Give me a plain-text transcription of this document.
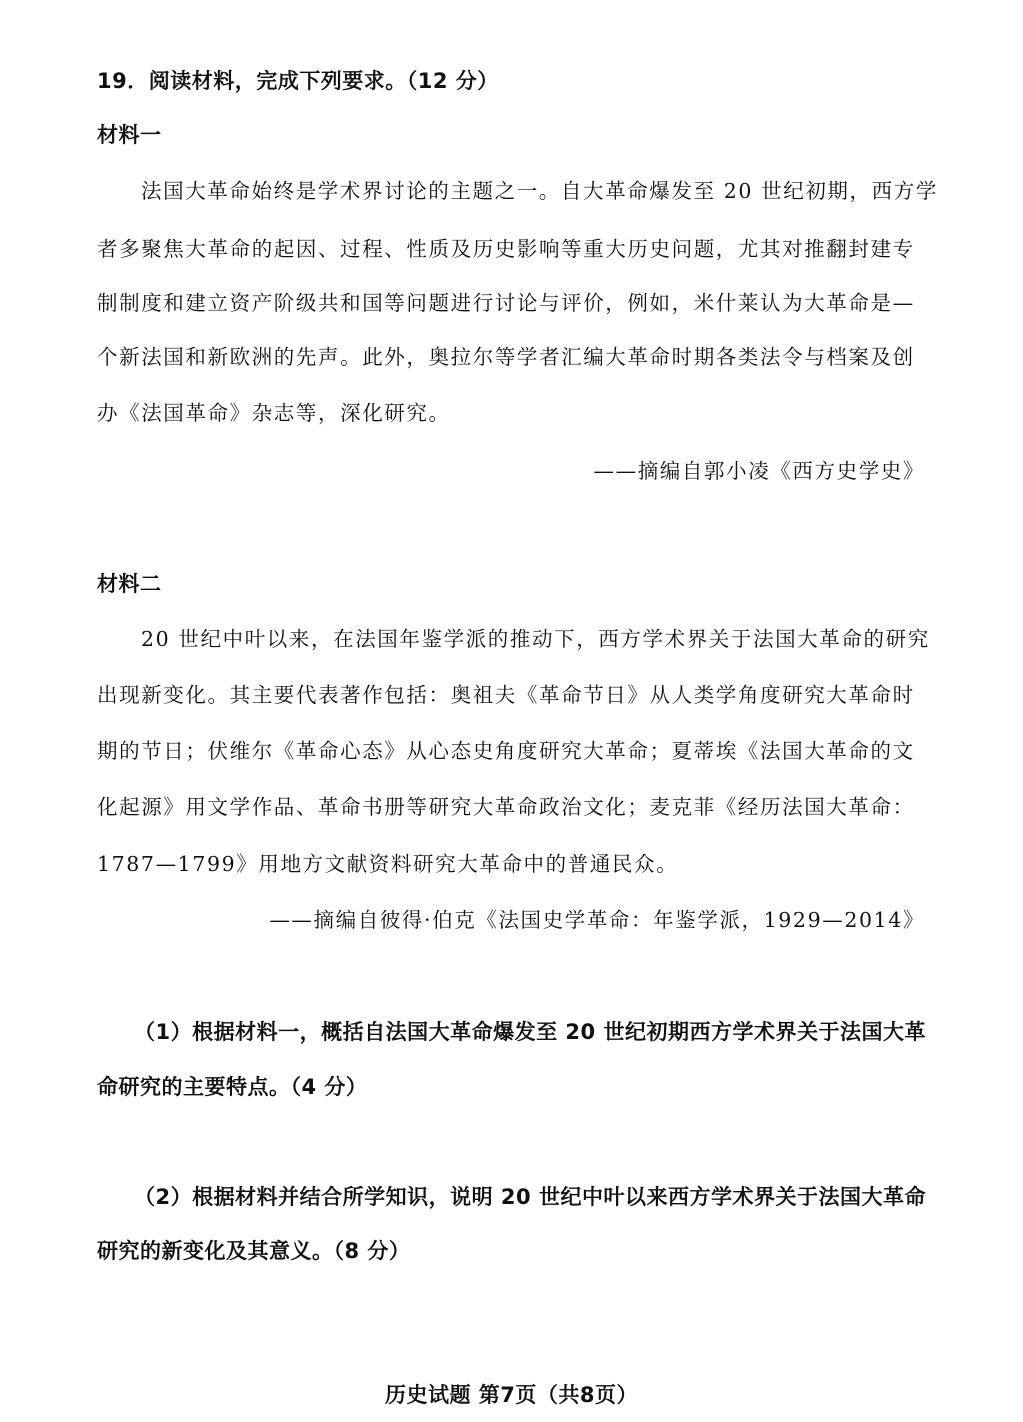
19．阅读材料，完成下列要求。（12 分）
材料一
法国大革命始终是学术界讨论的主题之一。自大革命爆发至 20 世纪初期，西方学
者多聚焦大革命的起因、过程、性质及历史影响等重大历史问题，尤其对推翻封建专
制制度和建立资产阶级共和国等问题进行讨论与评价，例如，米什莱认为大革命是—
个新法国和新欧洲的先声。此外，奥拉尔等学者汇编大革命时期各类法令与档案及创
办《法国革命》杂志等，深化研究。
——摘编自郭小凌《西方史学史》
材料二
20 世纪中叶以来，在法国年鉴学派的推动下，西方学术界关于法国大革命的研究
出现新变化。其主要代表著作包括：奥祖夫《革命节日》从人类学角度研究大革命时
期的节日；伏维尔《革命心态》从心态史角度研究大革命；夏蒂埃《法国大革命的文
化起源》用文学作品、革命书册等研究大革命政治文化；麦克菲《经历法国大革命：
1787—1799》用地方文献资料研究大革命中的普通民众。
——摘编自彼得·伯克《法国史学革命：年鉴学派，1929—2014》
（1）根据材料一，概括自法国大革命爆发至 20 世纪初期西方学术界关于法国大革
命研究的主要特点。（4 分）
（2）根据材料并结合所学知识，说明 20 世纪中叶以来西方学术界关于法国大革命
研究的新变化及其意义。（8 分）
历史试题 第7页（共8页）
